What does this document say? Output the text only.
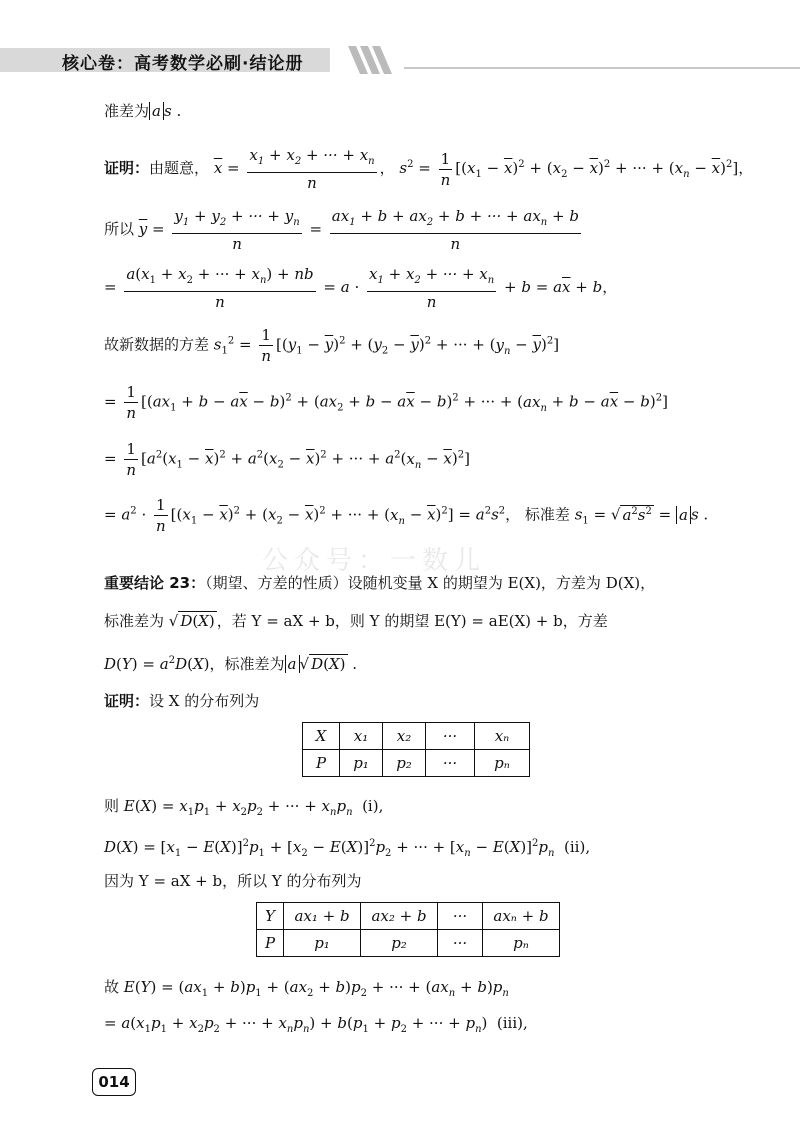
核心卷：高考数学必刷·结论册
公众号：一数儿
准差为 a s .
证明：由题意， $\overline{x} = \frac{x_1 + x_2 + \cdot\cdot\cdot + x_n}{n}$ ， $s^2 = \frac{1}{n} [(x_1 - \overline{x})^2 + (x_2 - \overline{x})^2$ + ··· + $(x_n - \overline{x})^2$]，
所以 $\overline{y} = \frac{y_1 + y_2 + \cdot\cdot\cdot + y_n}{n} = \frac{ax_1 + b + ax_2 + b + \cdot\cdot\cdot + ax_n + b}{n}$
= $\frac{a(x_1 + x_2 + \cdot\cdot\cdot + x_n) + nb}{n} = a \cdot \frac{x_1 + x_2 + \cdot\cdot\cdot + x_n}{n} + b = a\overline{x} + b$，
故新数据的方差 $s_1^2 = \frac{1}{n} [(y_1 - \overline{y})^2 + (y_2 - \overline{y})^2$ + ··· + $(y_n - \overline{y})^2$]
= $\frac{1}{n} [(ax_1 + b - a\overline{x} - b)^2 + (ax_2 + b - a\overline{x} - b)^2$ + ··· + $(ax_n + b - a\overline{x} - b)^2$]
= $\frac{1}{n} [a^2(x_1 - \overline{x})^2 + a^2(x_2 - \overline{x})^2$ + ··· + $a^2(x_n - \overline{x})^2$]
= $a^2 \cdot \frac{1}{n} [(x_1 - \overline{x})^2 + (x_2 - \overline{x})^2$ + ··· + $(x_n - \overline{x})^2] = a^2s^2$， 标准差 $s_1$ = √ $a^2s^2 = a$ s .
重要结论 23：（期望、方差的性质）设随机变量 X 的期望为 E(X)，方差为 D(X)，
标准差为 √ D(X) ，若 Y = aX + b，则 Y 的期望 E(Y) = aE(X) + b，方差
$D(Y) = a^2D(X)$，标准差为 a √ D(X) .
证明：设 X 的分布列为
X	x₁	x₂	···	xₙ
P	p₁	p₂	···	pₙ
则 $E(X) = x_1p_1 + x_2p_2$ + ··· + $x_np_n$  (i),
$D(X) = [x_1 - E(X)]^2p_1 + [x_2 - E(X)]^2p_2$ + ··· + $[x_n - E(X)]^2p_n$  (ii),
因为 Y = aX + b，所以 Y 的分布列为
Y	ax₁ + b	ax₂ + b	···	axₙ + b
P	p₁	p₂	···	pₙ
故 $E(Y) = (ax_1 + b)p_1 + (ax_2 + b)p_2$ + ··· + $(ax_n + b)p_n$
= $a(x_1p_1 + x_2p_2$ + ··· + $x_np_n) + b(p_1 + p_2$ + ··· + $p_n$)  (iii),
014
